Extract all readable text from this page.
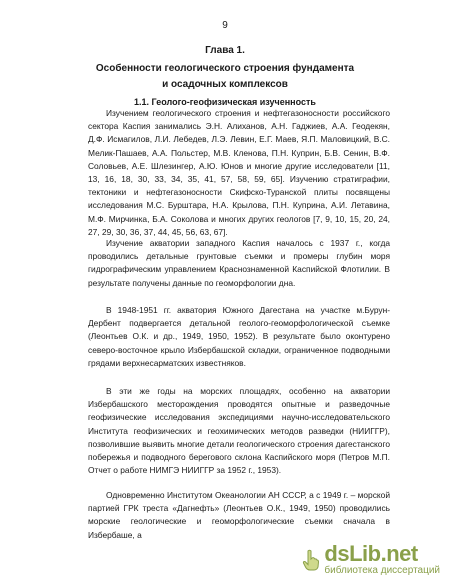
9
Глава 1.
Особенности геологического строения фундамента
и осадочных комплексов
1.1. Геолого-геофизическая изученность

Изучением геологического строения и нефтегазоносности российского сектора Каспия занимались Э.Н. Алиханов, А.Н. Гаджиев, А.А. Геодекян, Д.Ф. Исмагилов, Л.И. Лебедев, Л.Э. Левин, Е.Г. Маев, Я.П. Маловицкий, В.С. Мелик-Пашаев, А.А. Польстер, М.В. Кленова, П.Н. Куприн, Б.В. Сенин, В.Ф. Соловьев, А.Е. Шлезингер, А.Ю. Юнов и многие другие исследователи [11, 13, 16, 18, 30, 33, 34, 35, 41, 57, 58, 59, 65]. Изучению стратиграфии, тектоники и нефтегазоносности Скифско-Туранской плиты посвящены исследования М.С. Бурштара, Н.А. Крылова, П.Н. Куприна, А.И. Летавина, М.Ф. Мирчинка, Б.А. Соколова и многих других геологов [7, 9, 10, 15, 20, 24, 27, 29, 30, 36, 37, 44, 45, 56, 63, 67].

Изучение акватории западного Каспия началось с 1937 г., когда проводились детальные грунтовые съемки и промеры глубин моря гидрографическим управлением Краснознаменной Каспийской Флотилии. В результате получены данные по геоморфологии дна.

В 1948-1951 гг. акватория Южного Дагестана на участке м.Бурун-Дербент подвергается детальной геолого-геоморфологической съемке (Леонтьев О.К. и др., 1949, 1950, 1952). В результате было оконтурено северо-восточное крыло Избербашской складки, ограниченное подводными грядами верхнесарматских известняков.

В эти же годы на морских площадях, особенно на акватории Избербашского месторождения проводятся опытные и разведочные геофизические исследования экспедициями научно-исследовательского Института геофизических и геохимических методов разведки (НИИГГР), позволившие выявить многие детали геологического строения дагестанского побережья и подводного берегового склона Каспийского моря (Петров М.П. Отчет о работе НИМГЭ НИИГГР за 1952 г., 1953).

Одновременно Институтом Океанологии АН СССР, а с 1949 г. – морской партией ГРК треста «Дагнефть» (Леонтьев О.К., 1949, 1950) проводились морские геологические и геоморфологические съемки сначала в Избербаше, а

dsLib.net
библиотека диссертаций
